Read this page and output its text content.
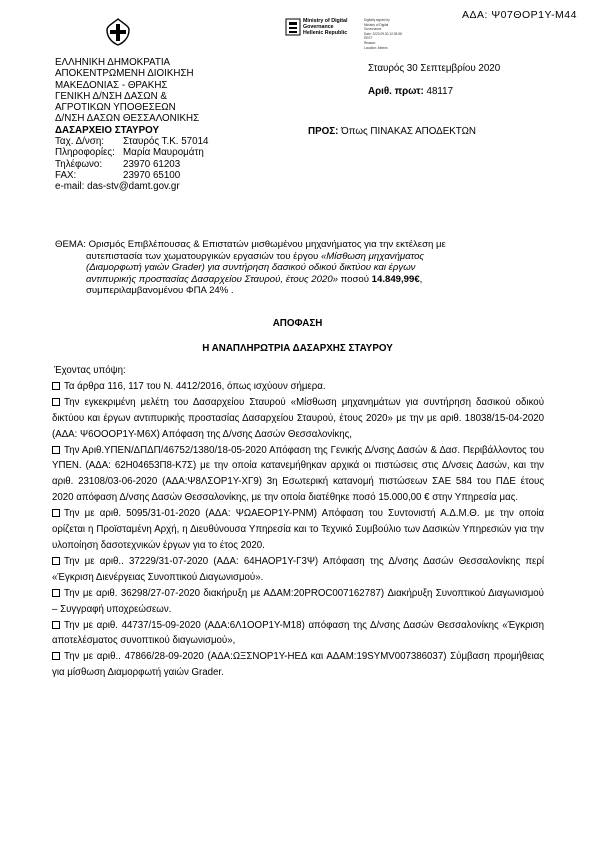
ΑΔΑ: Ψ07ΘΟΡ1Υ-Μ44
Ministry of Digital
Governance
Hellenic Republic
Digitally signed by
Ministry of Digital
Governance
Date: 2020.09.30 12:35:58
EEST
Reason:
Location: Athens
ΕΛΛΗΝΙΚΗ ΔΗΜΟΚΡΑΤΙΑ
ΑΠΟΚΕΝΤΡΩΜΕΝΗ ΔΙΟΙΚΗΣΗ
ΜΑΚΕΔΟΝΙΑΣ - ΘΡΑΚΗΣ
ΓΕΝΙΚΗ Δ/ΝΣΗ ΔΑΣΩΝ &
ΑΓΡΟΤΙΚΩΝ ΥΠΟΘΕΣΕΩΝ
Δ/ΝΣΗ ΔΑΣΩΝ ΘΕΣΣΑΛΟΝΙΚΗΣ
ΔΑΣΑΡΧΕΙΟ ΣΤΑΥΡΟΥ
Ταχ. Δ/νση:	Σταυρός Τ.Κ. 57014
Πληροφορίες: Μαρία Μαυρομάτη
Τηλέφωνο:	23970 61203
FAX:	23970 65100
e-mail: das-stv@damt.gov.gr
Σταυρός 30 Σεπτεμβρίου 2020
Αριθ. πρωτ: 48117
ΠΡΟΣ: Όπως ΠΙΝΑΚΑΣ ΑΠΟΔΕΚΤΩΝ
ΘΕΜΑ: Ορισμός Επιβλέπουσας & Επιστατών μισθωμένου μηχανήματος για την εκτέλεση με
αυτεπιστασία των χωματουργικών εργασιών του έργου «Μίσθωση μηχανήματος
(Διαμορφωτή γαιών Grader) για συντήρηση δασικού οδικού δικτύου και έργων
αντιπυρικής προστασίας Δασαρχείου Σταυρού, έτους 2020» ποσού 14.849,99€,
συμπεριλαμβανομένου ΦΠΑ 24% .
ΑΠΟΦΑΣΗ
Η ΑΝΑΠΛΗΡΩΤΡΙΑ ΔΑΣΑΡΧΗΣ ΣΤΑΥΡΟΥ

Έχοντας υπόψη:

Τα άρθρα 116, 117 του Ν. 4412/2016, όπως ισχύουν σήμερα.

Την εγκεκριμένη μελέτη του Δασαρχείου Σταυρού «Μίσθωση μηχανημάτων για συντήρηση δασικού οδικού δικτύου και έργων αντιπυρικής προστασίας Δασαρχείου Σταυρού, έτους 2020» με την με αριθ. 18038/15-04-2020 (ΑΔΑ: Ψ6ΟΟΟΡ1Υ-Μ6Χ) Απόφαση της Δ/νσης Δασών Θεσσαλονίκης,

Την Αριθ.ΥΠΕΝ/ΔΠΔΠ/46752/1380/18-05-2020 Απόφαση της Γενικής Δ/νσης Δασών & Δασ. Περιβάλλοντος του ΥΠΕΝ. (ΑΔΑ: 62Η04653Π8-Κ7Σ) με την οποία κατανεμήθηκαν αρχικά οι πιστώσεις στις Δ/νσεις Δασών, και την αριθ. 23108/03-06-2020 (ΑΔΑ:Ψ8ΛΣΟΡ1Υ-ΧΓ9) 3η Εσωτερική κατανομή πιστώσεων ΣΑΕ 584 του ΠΔΕ έτους 2020 απόφαση Δ/νσης Δασών Θεσσαλονίκης, με την οποία διατέθηκε ποσό 15.000,00 € στην Υπηρεσία μας.

Την με αριθ. 5095/31-01-2020 (ΑΔΑ: ΨΩΑΕΟΡ1Υ-ΡΝΜ) Απόφαση του Συντονιστή Α.Δ.Μ.Θ. με την οποία ορίζεται η Προϊσταμένη Αρχή, η Διευθύνουσα Υπηρεσία και το Τεχνικό Συμβούλιο των Δασικών Υπηρεσιών για την υλοποίηση δασοτεχνικών έργων για το έτος 2020.

Την με αριθ.. 37229/31-07-2020 (ΑΔΑ: 64ΗΑΟΡ1Υ-Γ3Ψ) Απόφαση της Δ/νσης Δασών Θεσσαλονίκης περί «Έγκριση Διενέργειας Συνοπτικού Διαγωνισμού».

Την με αριθ. 36298/27-07-2020 διακήρυξη με ΑΔΑΜ:20PROC007162787) Διακήρυξη Συνοπτικού Διαγωνισμού – Συγγραφή υποχρεώσεων.

Την με αριθ. 44737/15-09-2020 (ΑΔΑ:6Λ1ΟΟΡ1Υ-Μ18) απόφαση της Δ/νσης Δασών Θεσσαλονίκης «Έγκριση αποτελέσματος συνοπτικού διαγωνισμού»,

Την με αριθ.. 47866/28-09-2020 (ΑΔΑ:ΩΞΣΝΟΡ1Υ-ΗΕΔ και ΑΔΑΜ:19SYMV007386037) Σύμβαση προμήθειας για μίσθωση Διαμορφωτή γαιών Grader.
